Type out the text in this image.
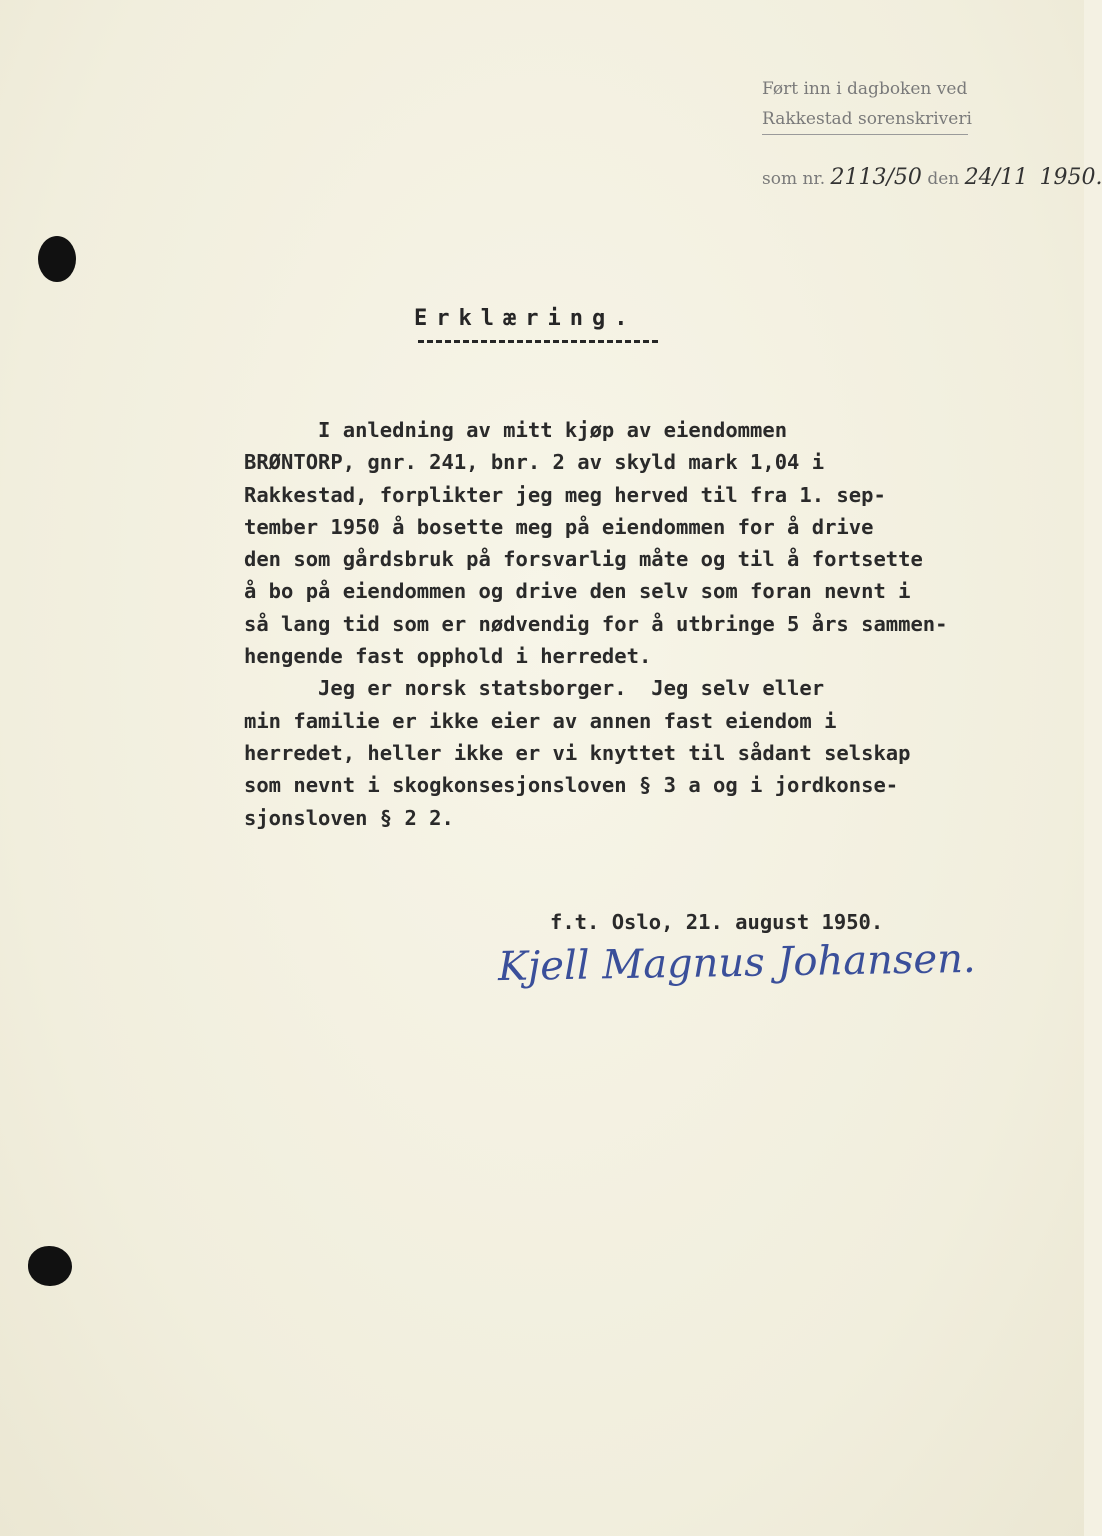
Ført inn i dagboken ved
Rakkestad sorenskriveri
som nr. 2113/50 den 24/11 1950.
Erklæring.
I anledning av mitt kjøp av eiendommen
BRØNTORP, gnr. 241, bnr. 2 av skyld mark 1,04 i
Rakkestad, forplikter jeg meg herved til fra 1. sep-
tember 1950 å bosette meg på eiendommen for å drive
den som gårdsbruk på forsvarlig måte og til å fortsette
å bo på eiendommen og drive den selv som foran nevnt i
så lang tid som er nødvendig for å utbringe 5 års sammen-
hengende fast opphold i herredet.
Jeg er norsk statsborger.  Jeg selv eller
min familie er ikke eier av annen fast eiendom i
herredet, heller ikke er vi knyttet til sådant selskap
som nevnt i skogkonsesjonsloven § 3 a og i jordkonse-
sjonsloven § 2 2.
f.t. Oslo, 21. august 1950.
Kjell Magnus Johansen.
